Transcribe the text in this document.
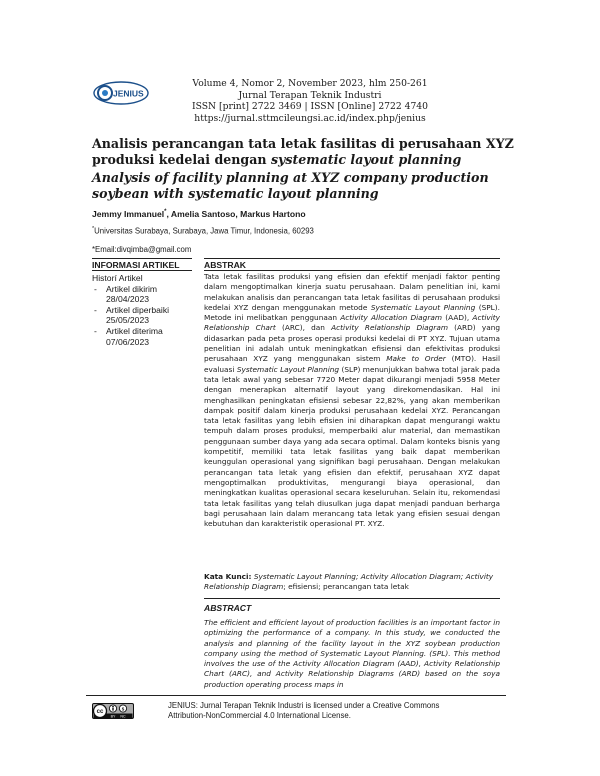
JENIUS
Volume 4, Nomor 2, November 2023, hlm 250-261
Jurnal Terapan Teknik Industri
ISSN [print] 2722 3469 | ISSN [Online] 2722 4740
https://jurnal.sttmcileungsi.ac.id/index.php/jenius
Analisis perancangan tata letak fasilitas di perusahaan XYZ produksi kedelai dengan systematic layout planning
Analysis of facility planning at XYZ company production soybean with systematic layout planning
Jemmy Immanuel*, Amelia Santoso, Markus Hartono
*Universitas Surabaya, Surabaya, Jawa Timur, Indonesia, 60293
*Email:divqimba@gmail.com
INFORMASI ARTIKEL	ABSTRAK
Historí Artikel
- Artikel dikirim
28/04/2023
- Artikel diperbaiki
25/05/2023
- Artikel diterima
07/06/2023
Tata letak fasilitas produksi yang efisien dan efektif menjadi faktor penting dalam mengoptimalkan kinerja suatu perusahaan. Dalam penelitian ini, kami melakukan analisis dan perancangan tata letak fasilitas di perusahaan produksi kedelai XYZ dengan menggunakan metode Systematic Layout Planning (SPL). Metode ini melibatkan penggunaan Activity Allocation Diagram (AAD), Activity Relationship Chart (ARC), dan Activity Relationship Diagram (ARD) yang didasarkan pada peta proses operasi produksi kedelai di PT XYZ. Tujuan utama penelitian ini adalah untuk meningkatkan efisiensi dan efektivitas produksi perusahaan XYZ yang menggunakan sistem Make to Order (MTO). Hasil evaluasi Systematic Layout Planning (SLP) menunjukkan bahwa total jarak pada tata letak awal yang sebesar 7720 Meter dapat dikurangi menjadi 5958 Meter dengan menerapkan alternatif layout yang direkomendasikan. Hal ini menghasilkan peningkatan efisiensi sebesar 22,82%, yang akan memberikan dampak positif dalam kinerja produksi perusahaan kedelai XYZ. Perancangan tata letak fasilitas yang lebih efisien ini diharapkan dapat mengurangi waktu tempuh dalam proses produksi, memperbaiki alur material, dan memastikan penggunaan sumber daya yang ada secara optimal. Dalam konteks bisnis yang kompetitif, memiliki tata letak fasilitas yang baik dapat memberikan keunggulan operasional yang signifikan bagi perusahaan. Dengan melakukan perancangan tata letak yang efisien dan efektif, perusahaan XYZ dapat mengoptimalkan produktivitas, mengurangi biaya operasional, dan meningkatkan kualitas operasional secara keseluruhan. Selain itu, rekomendasi tata letak fasilitas yang telah diusulkan juga dapat menjadi panduan berharga bagi perusahaan lain dalam merancang tata letak yang efisien sesuai dengan kebutuhan dan karakteristik operasional PT. XYZ.
Kata Kunci: Systematic Layout Planning; Activity Allocation Diagram; Activity Relationship Diagram; efisiensi; perancangan tata letak
ABSTRACT
The efficient and efficient layout of production facilities is an important factor in optimizing the performance of a company. In this study, we conducted the analysis and planning of the facility layout in the XYZ soybean production company using the method of Systematic Layout Planning. (SPL). This method involves the use of the Activity Allocation Diagram (AAD), Activity Relationship Chart (ARC), and Activity Relationship Diagrams (ARD) based on the soya production operating process maps in
cc
$
BY NC
JENIUS: Jurnal Terapan Teknik Industri is licensed under a Creative Commons
Attribution-NonCommercial 4.0 International License.
